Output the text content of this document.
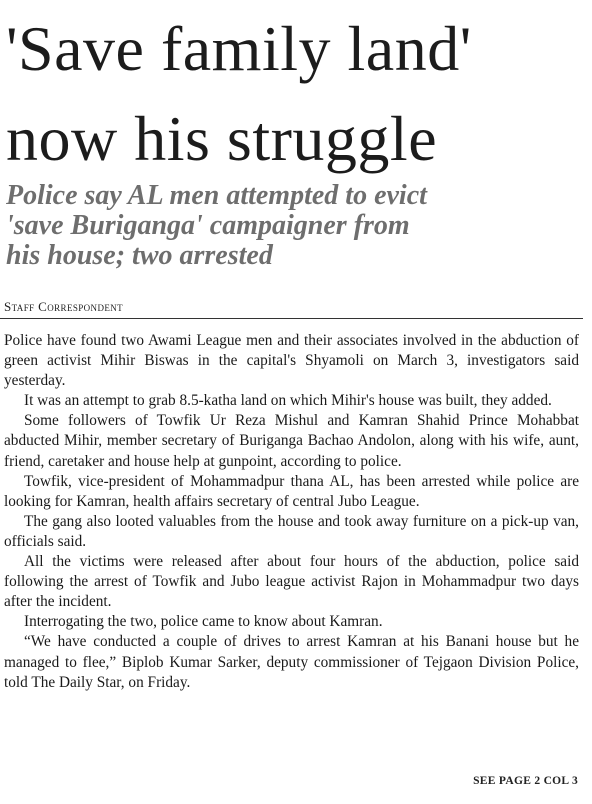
'Save family land'
now his struggle
Police say AL men attempted to evict
'save Buriganga' campaigner from
his house; two arrested
Staff Correspondent

Police have found two Awami League men and their associates involved in the abduction of green activist Mihir Biswas in the capital's Shyamoli on March 3, investigators said yesterday.

It was an attempt to grab 8.5-katha land on which Mihir's house was built, they added.

Some followers of Towfik Ur Reza Mishul and Kamran Shahid Prince Mohabbat abducted Mihir, member secretary of Buriganga Bachao Andolon, along with his wife, aunt, friend, caretaker and house help at gunpoint, according to police.

Towfik, vice-president of Mohammadpur thana AL, has been arrested while police are looking for Kamran, health affairs secretary of central Jubo League.

The gang also looted valuables from the house and took away furniture on a pick-up van, officials said.

All the victims were released after about four hours of the abduction, police said following the arrest of Towfik and Jubo league activist Rajon in Mohammadpur two days after the incident.

Interrogating the two, police came to know about Kamran.

“We have conducted a couple of drives to arrest Kamran at his Banani house but he managed to flee,” Biplob Kumar Sarker, deputy commissioner of Tejgaon Division Police, told The Daily Star, on Friday.

SEE PAGE 2 COL 3
